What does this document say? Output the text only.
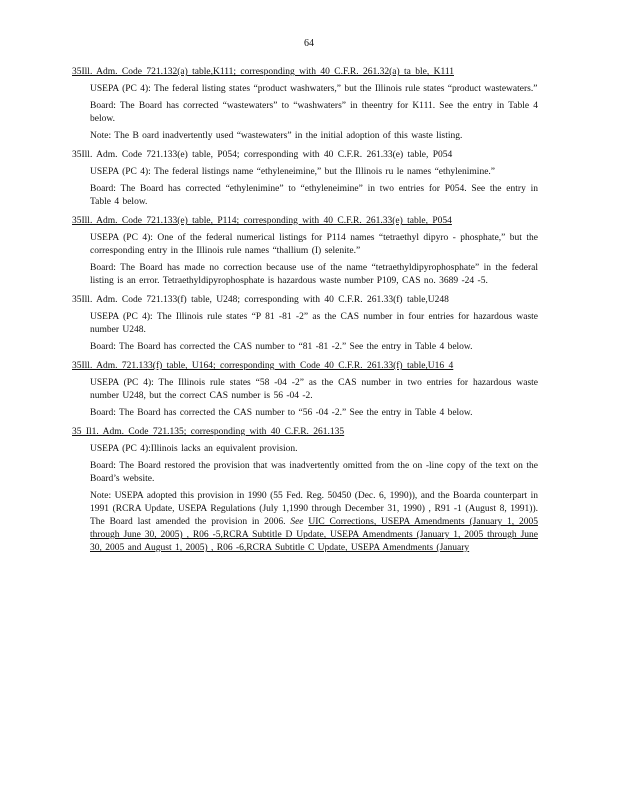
64

35Ill. Adm. Code 721.132(a) table,K111; corresponding with 40 C.F.R. 261.32(a) ta ble, K111

USEPA (PC 4): The federal listing states “product washwaters,” but the Illinois rule states “product wastewaters.”

Board: The Board has corrected “wastewaters” to “washwaters” in theentry for K111. See the entry in Table 4 below.

Note: The B oard inadvertently used “wastewaters” in the initial adoption of this waste listing.

35Ill. Adm. Code 721.133(e) table, P054; corresponding with 40 C.F.R. 261.33(e) table, P054

USEPA (PC 4): The federal listings name “ethyleneimine,” but the Illinois ru le names “ethylenimine.”

Board: The Board has corrected “ethylenimine” to “ethyleneimine” in two entries for P054. See the entry in Table 4 below.

35Ill. Adm. Code 721.133(e) table, P114; corresponding with 40 C.F.R. 261.33(e) table, P054

USEPA (PC 4): One of the federal numerical listings for P114 names “tetraethyl dipyro - phosphate,” but the corresponding entry in the Illinois rule names “thallium (I) selenite.”

Board: The Board has made no correction because use of the name “tetraethyldipyrophosphate” in the federal listing is an error. Tetraethyldipyrophosphate is hazardous waste number P109, CAS no. 3689 -24 -5.

35Ill. Adm. Code 721.133(f) table, U248; corresponding with 40 C.F.R. 261.33(f) table,U248

USEPA (PC 4): The Illinois rule states “P 81 -81 -2” as the CAS number in four entries for hazardous waste number U248.

Board: The Board has corrected the CAS number to “81 -81 -2.” See the entry in Table 4 below.

35Ill. Adm. 721.133(f) table, U164; corresponding with Code 40 C.F.R. 261.33(f) table,U16 4

USEPA (PC 4): The Illinois rule states “58 -04 -2” as the CAS number in two entries for hazardous waste number U248, but the correct CAS number is 56 -04 -2.

Board: The Board has corrected the CAS number to “56 -04 -2.” See the entry in Table 4 below.

35 Il1. Adm. Code 721.135; corresponding with 40 C.F.R. 261.135

USEPA (PC 4):Illinois lacks an equivalent provision.

Board: The Board restored the provision that was inadvertently omitted from the on -line copy of the text on the Board’s website.

Note: USEPA adopted this provision in 1990 (55 Fed. Reg. 50450 (Dec. 6, 1990)), and the Boarda counterpart in 1991 (RCRA Update, USEPA Regulations (July 1,1990 through December 31, 1990) , R91 -1 (August 8, 1991)). The Board last amended the provision in 2006. See UIC Corrections, USEPA Amendments (January 1, 2005 through June 30, 2005) , R06 -5,RCRA Subtitle D Update, USEPA Amendments (January 1, 2005 through June 30, 2005 and August 1, 2005) , R06 -6,RCRA Subtitle C Update, USEPA Amendments (January
